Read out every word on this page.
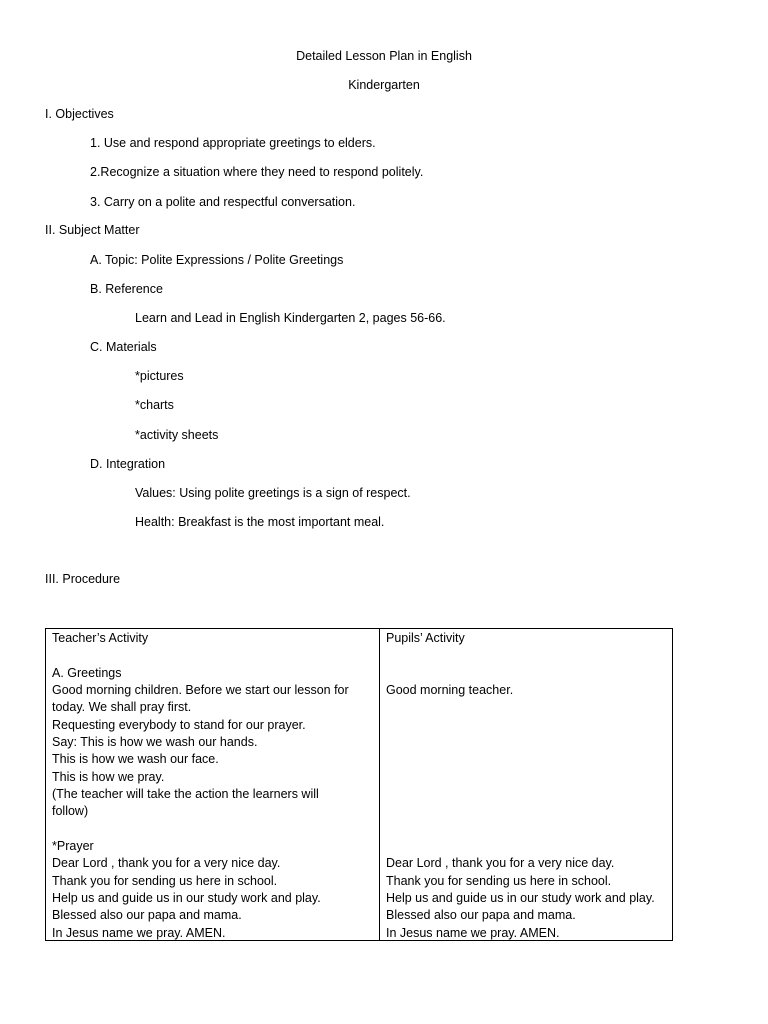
Detailed Lesson Plan in English
Kindergarten
I. Objectives
1. Use and respond appropriate greetings to elders.
2.Recognize a situation where they need to respond politely.
3. Carry on a polite and respectful conversation.
II. Subject Matter
A. Topic: Polite Expressions / Polite Greetings
B. Reference
Learn and Lead in English Kindergarten 2, pages 56-66.
C. Materials
*pictures
*charts
*activity sheets
D. Integration
Values: Using polite greetings is a sign of respect.
Health: Breakfast is the most important meal.
III. Procedure
Teacher’s Activity
A. Greetings
Good morning children. Before we start our lesson for
today. We shall pray first.
Requesting everybody to stand for our prayer.
Say: This is how we wash our hands.
This is how we wash our face.
This is how we pray.
(The teacher will take the action the learners will
follow)
*Prayer
Dear Lord , thank you for a very nice day.
Thank you for sending us here in school.
Help us and guide us in our study work and play.
Blessed also our papa and mama.
In Jesus name we pray. AMEN.
Pupils’ Activity
Good morning teacher.
Dear Lord , thank you for a very nice day.
Thank you for sending us here in school.
Help us and guide us in our study work and play.
Blessed also our papa and mama.
In Jesus name we pray. AMEN.
